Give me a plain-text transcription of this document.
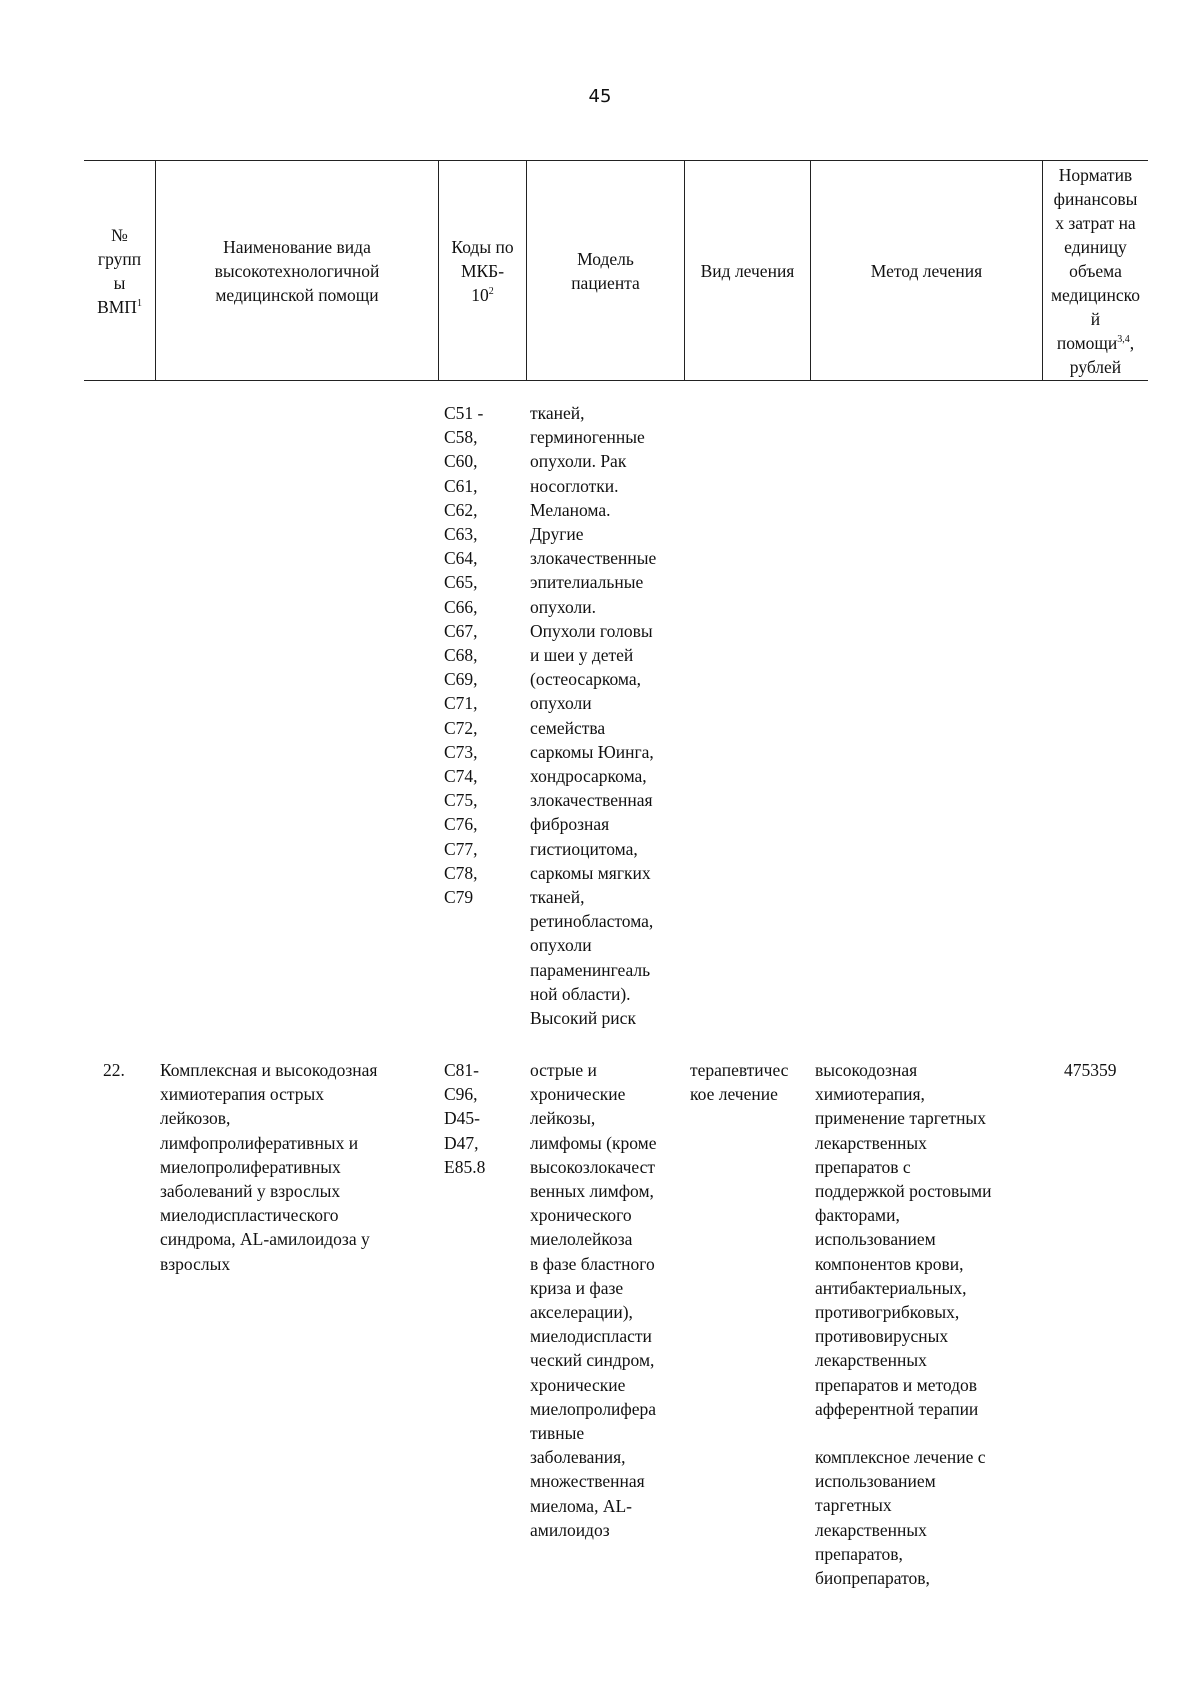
45
№
групп
ы
ВМП$^1$
Наименование вида
высокотехнологичной
медицинской помощи
Коды по
МКБ-
$10^2$
Модель
пациента
Вид лечения	Метод лечения
Норматив
финансовы
х затрат на
единицу
объема
медицинско
й
помощи$^{3,4}$,
рублей
C51 -
C58,
C60,
C61,
C62,
C63,
C64,
C65,
C66,
C67,
C68,
C69,
C71,
C72,
C73,
C74,
C75,
C76,
C77,
C78,
C79
тканей,
герминогенные
опухоли. Рак
носоглотки.
Меланома.
Другие
злокачественные
эпителиальные
опухоли.
Опухоли головы
и шеи у детей
(остеосаркома,
опухоли
семейства
саркомы Юинга,
хондросаркома,
злокачественная
фиброзная
гистиоцитома,
саркомы мягких
тканей,
ретинобластома,
опухоли
параменингеаль
ной области).
Высокий риск
22. Комплексная и высокодозная
химиотерапия острых
лейкозов,
лимфопролиферативных и
миелопролиферативных
заболеваний у взрослых
миелодиспластического
синдрома, AL-амилоидоза у
взрослых
C81-
C96,
D45-
D47,
E85.8
острые и
хронические
лейкозы,
лимфомы (кроме
высокозлокачест
венных лимфом,
хронического
миелолейкоза
в фазе бластного
криза и фазе
акселерации),
миелодиспласти
ческий синдром,
хронические
миелопролифера
тивные
заболевания,
множественная
миелома, AL-
амилоидоз
терапевтичес
кое лечение
высокодозная
химиотерапия,
применение таргетных
лекарственных
препаратов с
поддержкой ростовыми
факторами,
использованием
компонентов крови,
антибактериальных,
противогрибковых,
противовирусных
лекарственных
препаратов и методов
афферентной терапии
комплексное лечение с
использованием
таргетных
лекарственных
препаратов,
биопрепаратов,
475359
